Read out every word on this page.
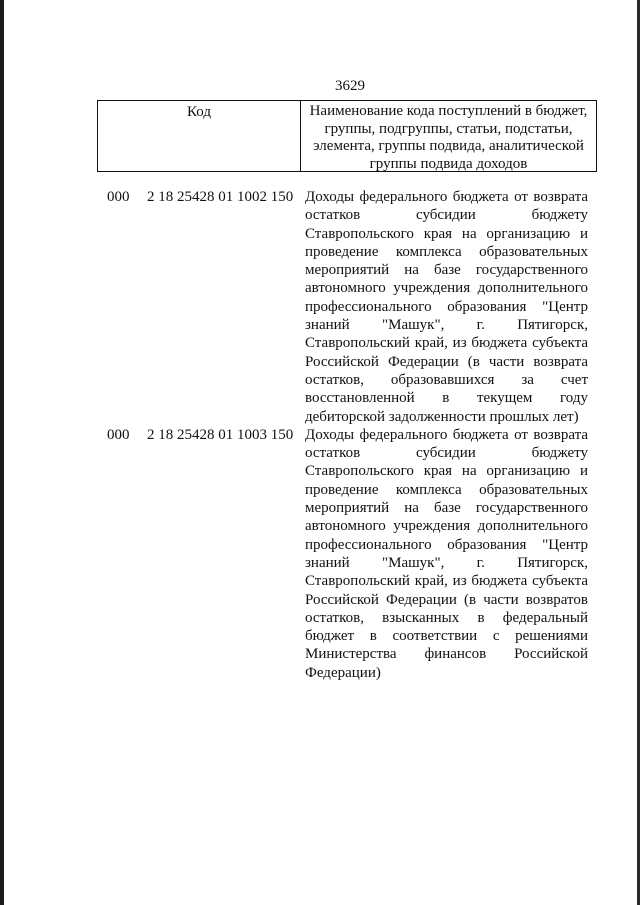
3629
Код	Наименование кода поступлений в бюджет, группы, подгруппы, статьи, подстатьи, элемента, группы подвида, аналитической группы подвида доходов
000 2 18 25428 01 1002 150 Доходы федерального бюджета от возврата остатков субсидии бюджету Ставропольского края на организацию и проведение комплекса образовательных мероприятий на базе государственного автономного учреждения дополнительного профессионального образования "Центр знаний "Машук", г. Пятигорск, Ставропольский край, из бюджета субъекта Российской Федерации (в части возврата остатков, образовавшихся за счет восстановленной в текущем году дебиторской задолженности прошлых лет)
000 2 18 25428 01 1003 150 Доходы федерального бюджета от возврата остатков субсидии бюджету Ставропольского края на организацию и проведение комплекса образовательных мероприятий на базе государственного автономного учреждения дополнительного профессионального образования "Центр знаний "Машук", г. Пятигорск, Ставропольский край, из бюджета субъекта Российской Федерации (в части возвратов остатков, взысканных в федеральный бюджет в соответствии с решениями Министерства финансов Российской Федерации)
